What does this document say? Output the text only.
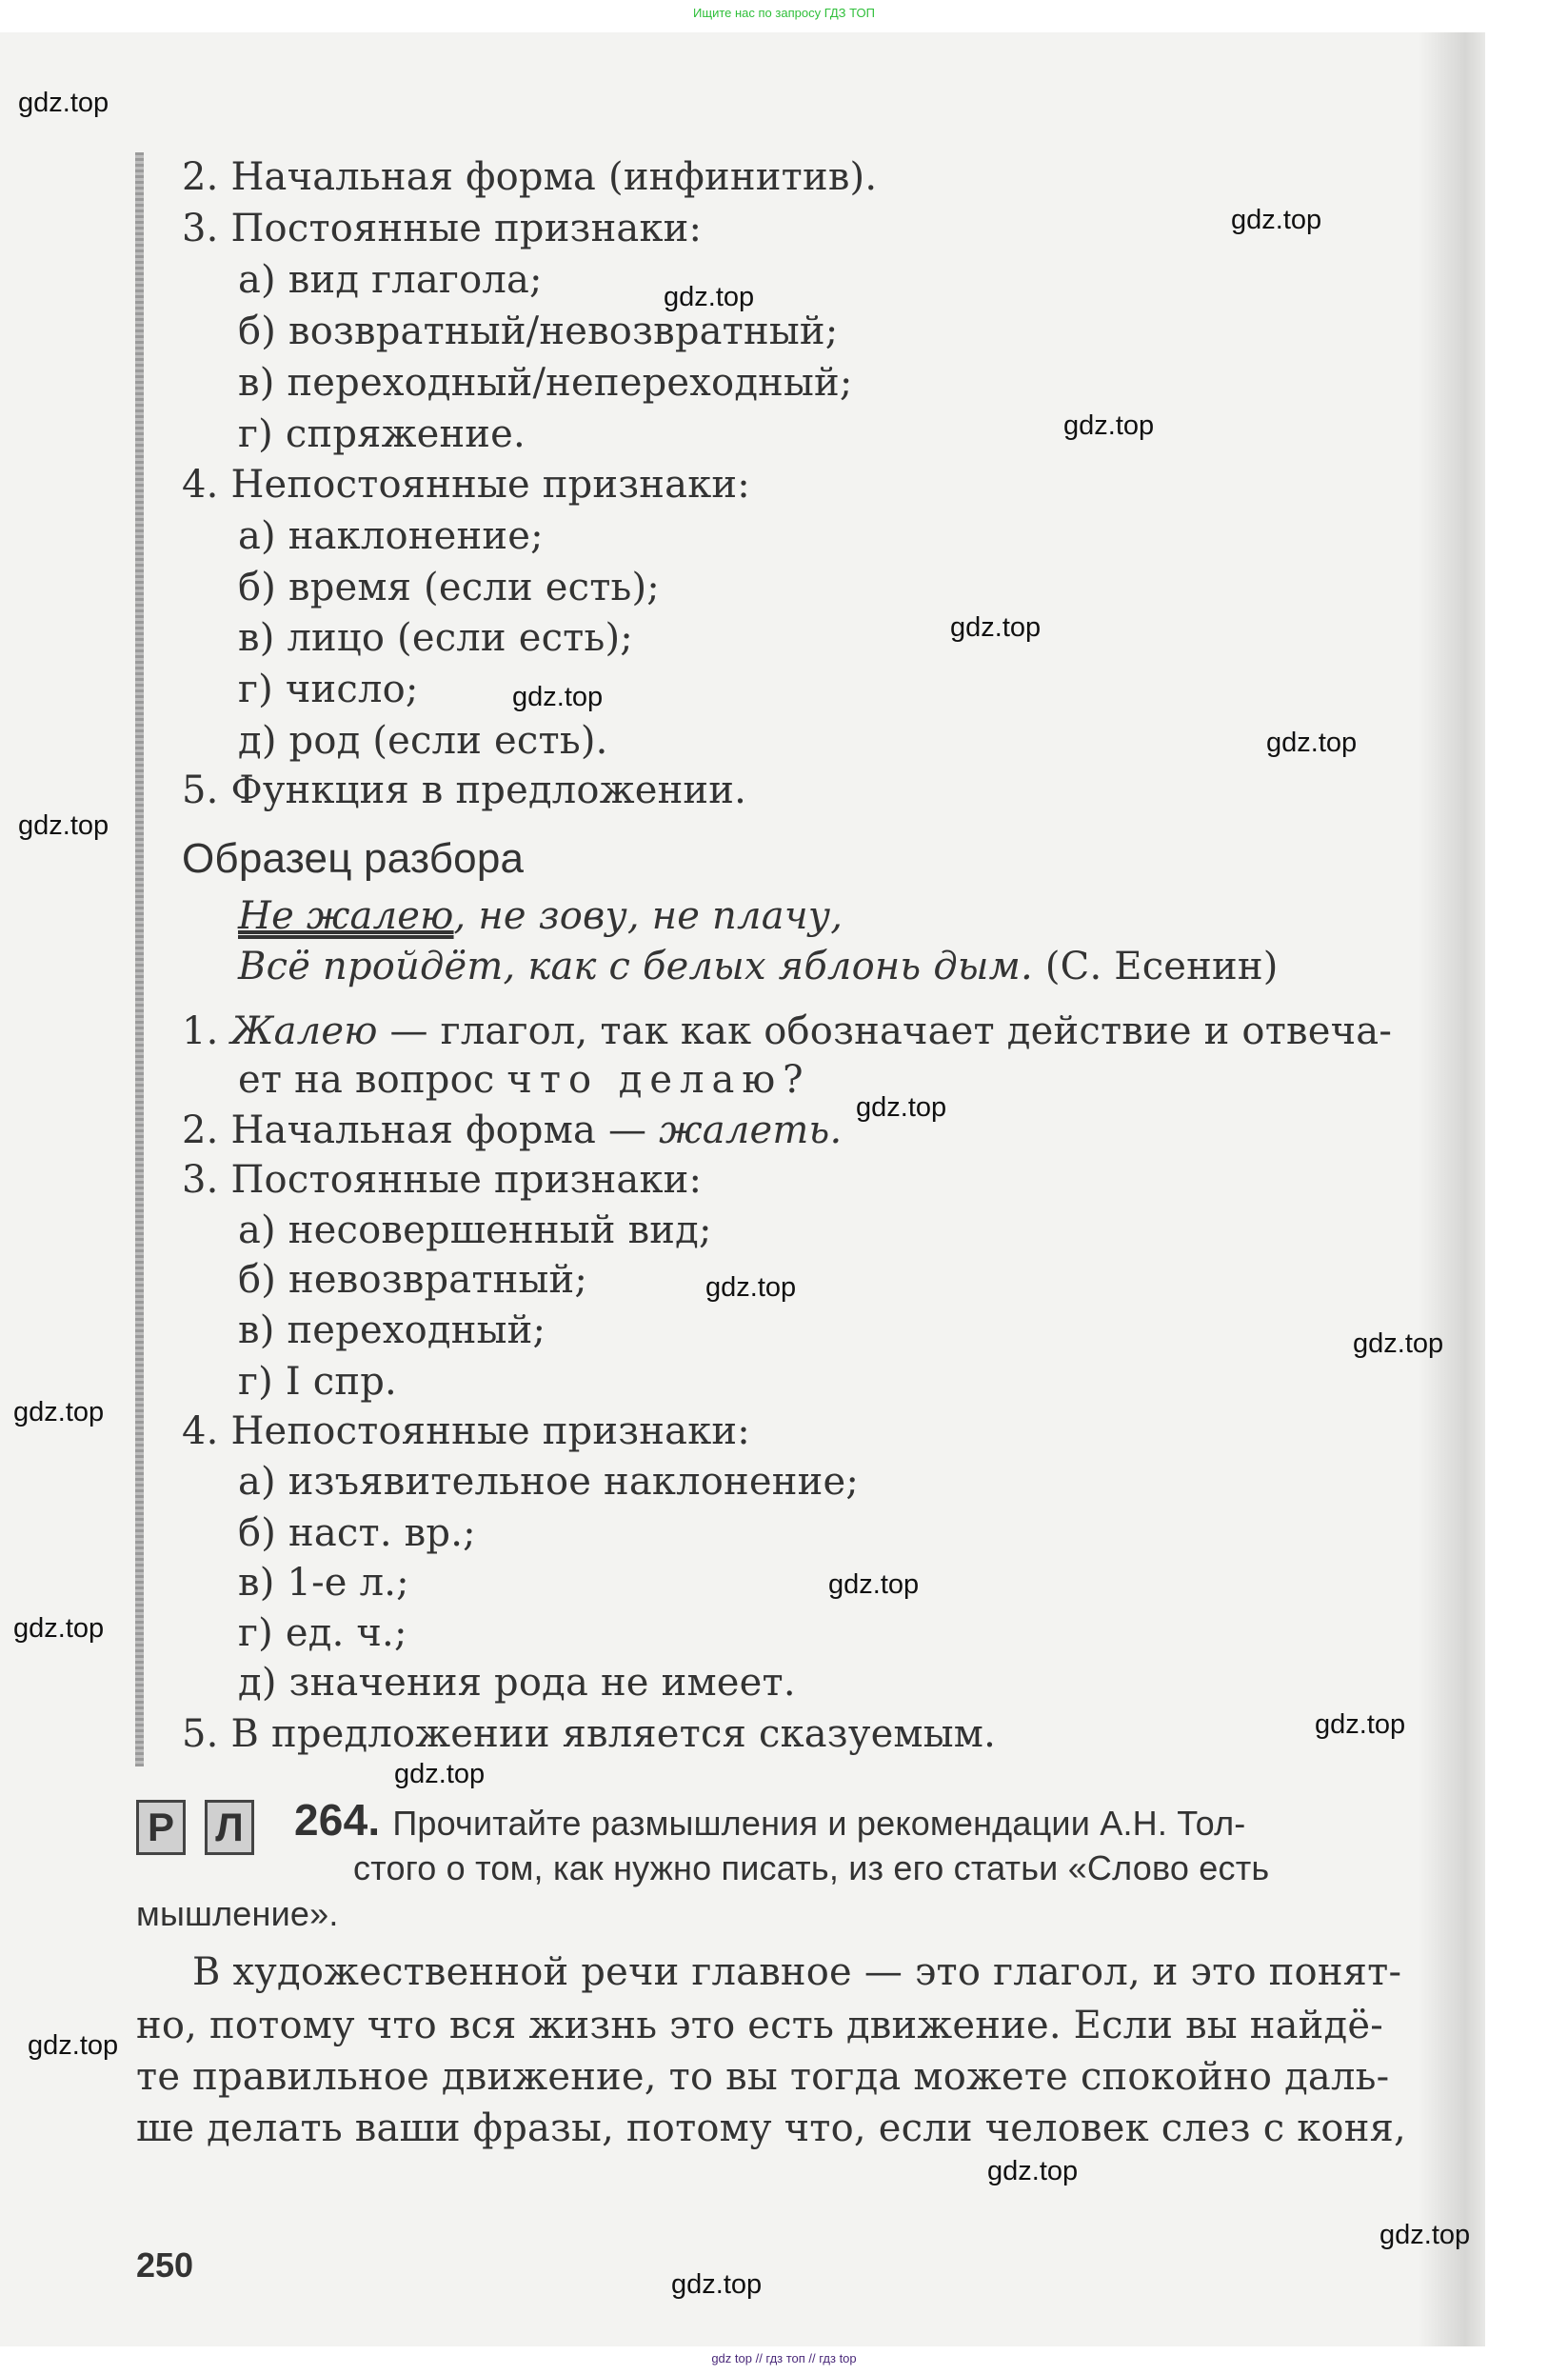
Ищите нас по запросу ГДЗ ТОП
gdz top // гдз топ // гдз top
Р Л
250
2. Начальная форма (инфинитив).
3. Постоянные признаки:
а) вид глагола;
б) возвратный/невозвратный;
в) переходный/непереходный;
г) спряжение.
4. Непостоянные признаки:
а) наклонение;
б) время (если есть);
в) лицо (если есть);
г) число;
д) род (если есть).
5. Функция в предложении.
Образец разбора
Не жалею, не зову, не плачу,
Всё пройдёт, как с белых яблонь дым. (С. Есенин)
1. Жалею — глагол, так как обозначает действие и отвеча-
ет на вопрос что делаю?
2. Начальная форма — жалеть.
3. Постоянные признаки:
а) несовершенный вид;
б) невозвратный;
в) переходный;
г) I спр.
4. Непостоянные признаки:
а) изъявительное наклонение;
б) наст. вр.;
в) 1-е л.;
г) ед. ч.;
д) значения рода не имеет.
5. В предложении является сказуемым.
264. Прочитайте размышления и рекомендации А.Н. Тол-
стого о том, как нужно писать, из его статьи «Слово есть
мышление».
В художественной речи главное — это глагол, и это понят-
но, потому что вся жизнь это есть движение. Если вы найдё-
те правильное движение, то вы тогда можете спокойно даль-
ше делать ваши фразы, потому что, если человек слез с коня,
gdz.top
gdz.top
gdz.top
gdz.top
gdz.top
gdz.top
gdz.top
gdz.top
gdz.top
gdz.top
gdz.top
gdz.top
gdz.top
gdz.top
gdz.top
gdz.top
gdz.top
gdz.top
gdz.top
gdz.top
